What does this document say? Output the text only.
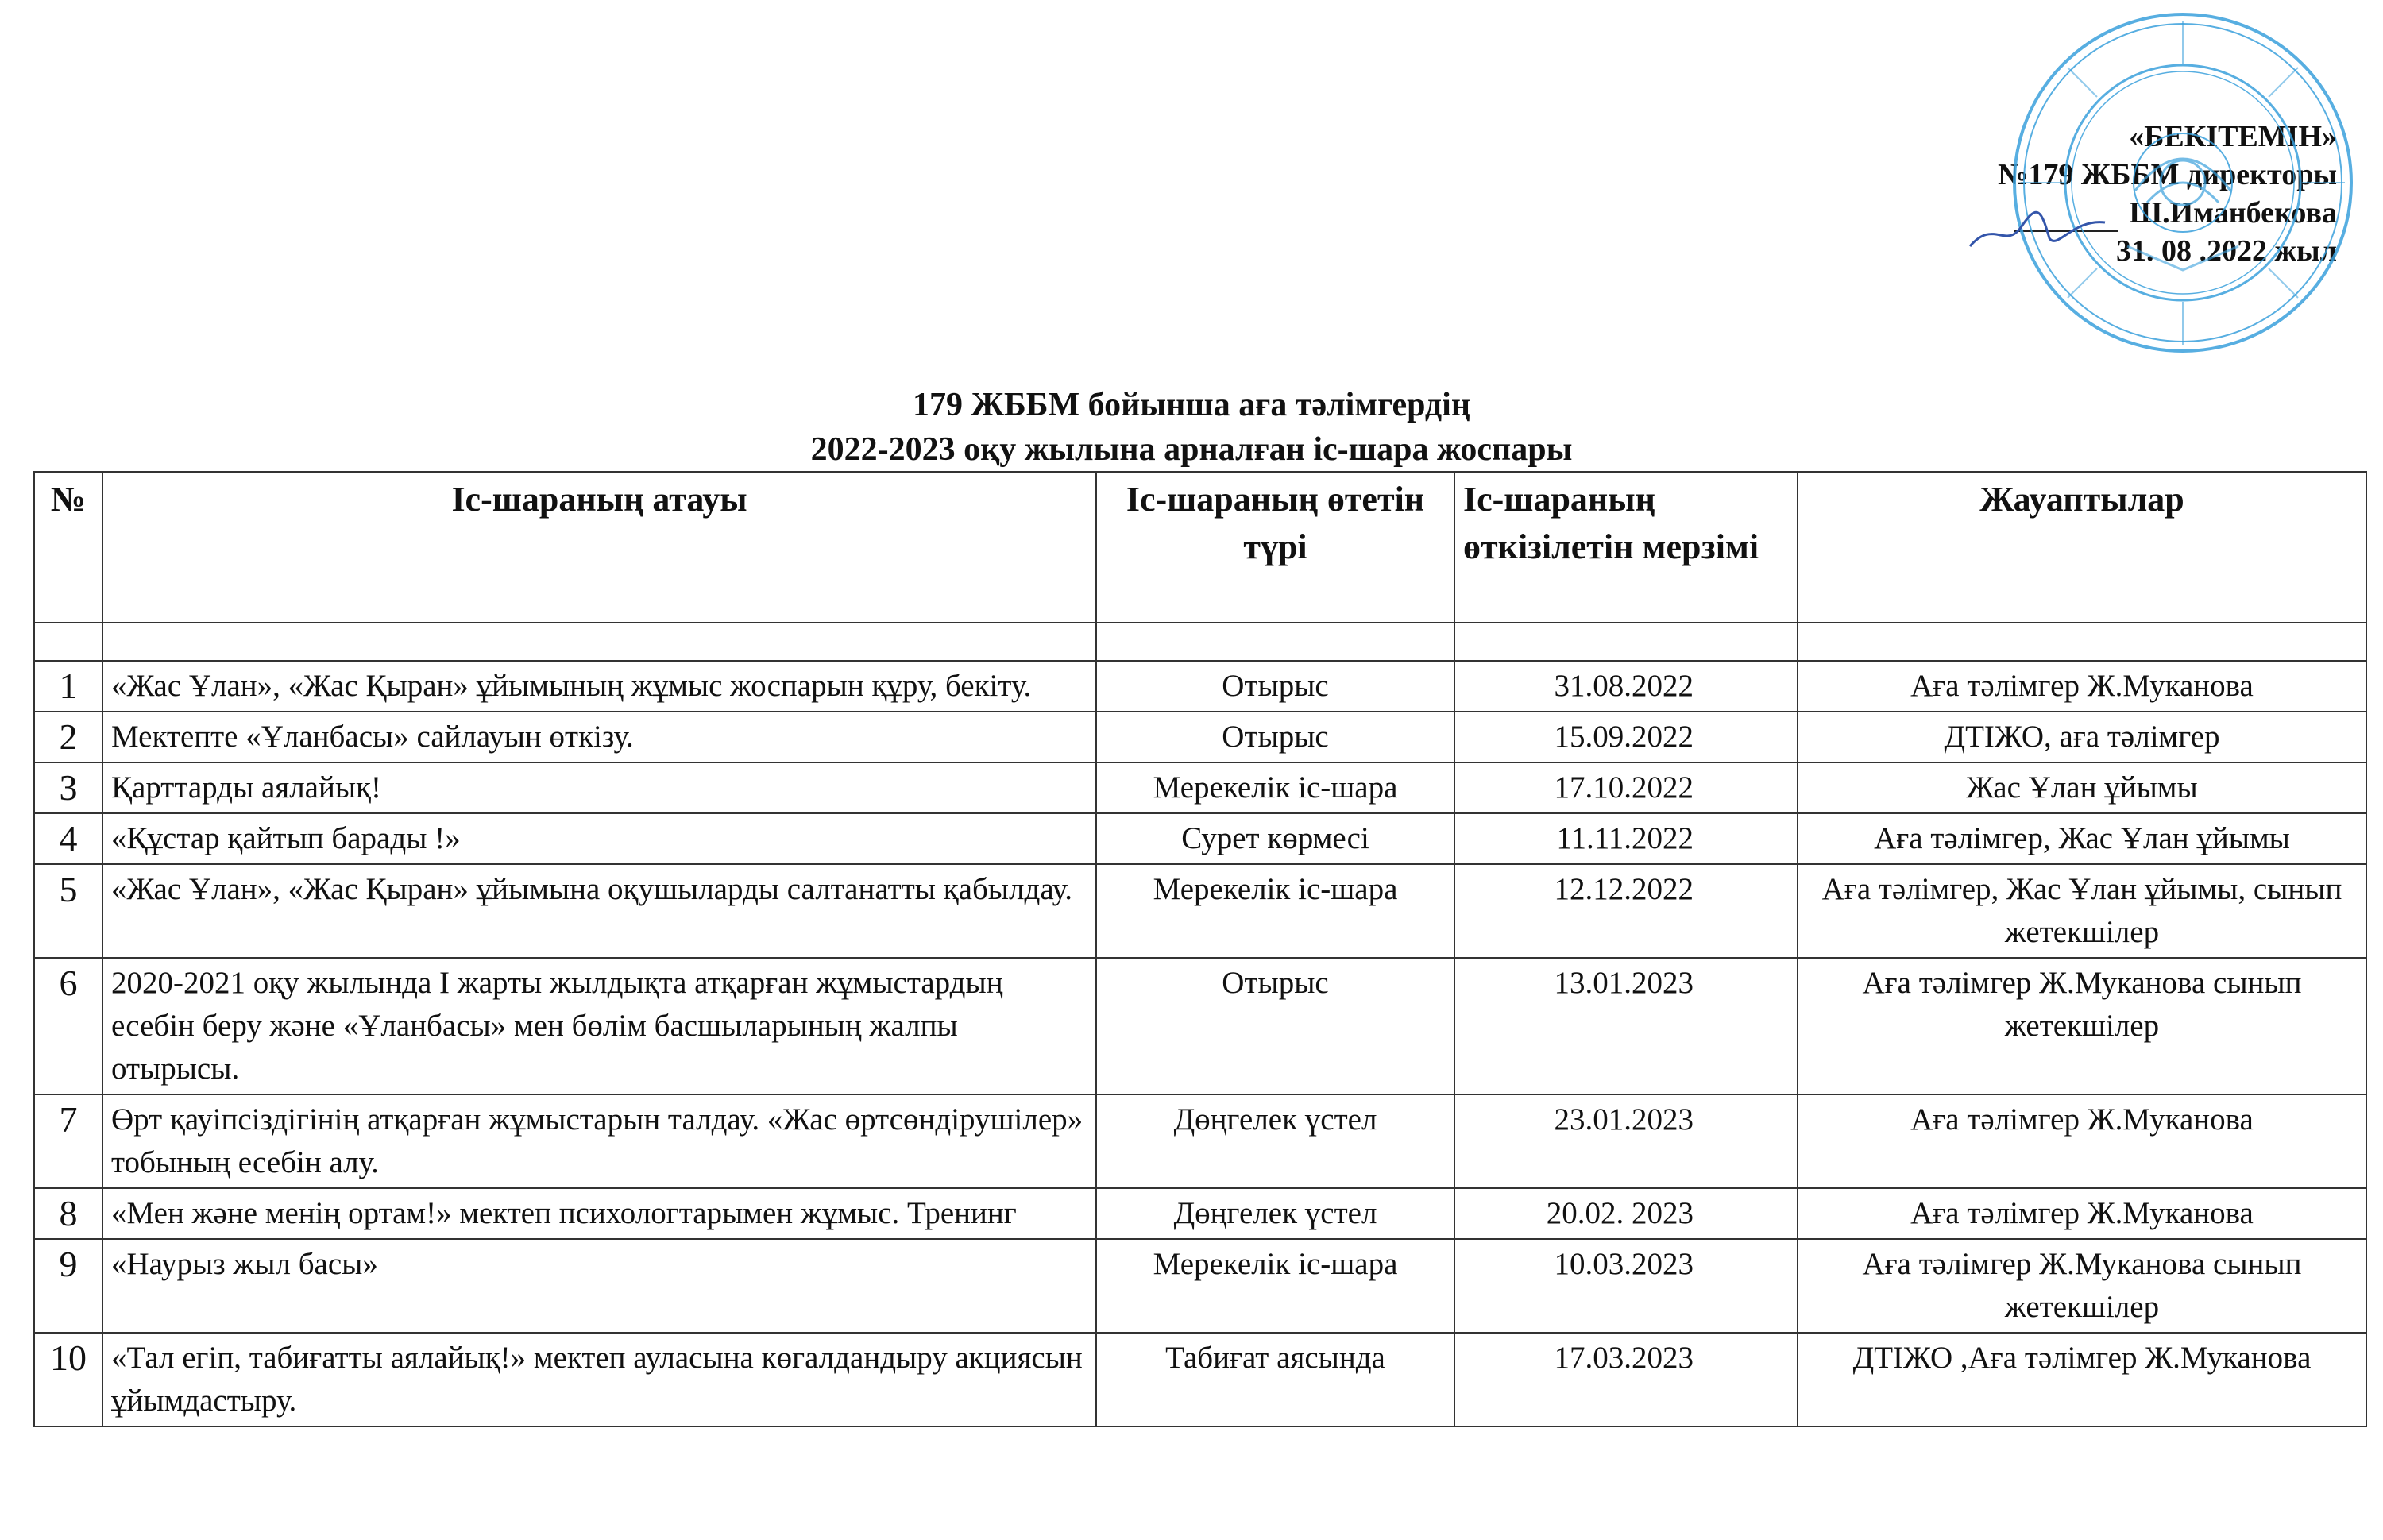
«БЕКІТЕМІН»
№179 ЖББМ директоры
Ш.Иманбекова
31. 08 .2022 жыл
179 ЖББМ бойынша аға тәлімгердің
2022-2023 оқу жылына арналған іс-шара жоспары
№	Іс-шараның атауы	Іс-шараның өтетін түрі	Іс-шараның өткізілетін мерзімі	Жауаптылар

1	«Жас Ұлан», «Жас Қыран» ұйымының жұмыс жоспарын құру, бекіту.	Отырыс	31.08.2022	Аға тәлімгер Ж.Муканова
2	Мектепте «Ұланбасы» сайлауын өткізу.	Отырыс	15.09.2022	ДТІЖО, аға тәлімгер
3	Қарттарды аялайық!	Мерекелік іс-шара	17.10.2022	Жас Ұлан ұйымы
4	«Құстар қайтып барады !»	Сурет көрмесі	11.11.2022	Аға тәлімгер, Жас Ұлан ұйымы
5	«Жас Ұлан», «Жас Қыран» ұйымына оқушыларды салтанатты қабылдау.	Мерекелік іс-шара	12.12.2022	Аға тәлімгер, Жас Ұлан ұйымы, сынып жетекшілер
6	2020-2021 оқу жылында І жарты жылдықта атқарған жұмыстардың есебін беру және «Ұланбасы» мен бөлім басшыларының жалпы отырысы.	Отырыс	13.01.2023	Аға тәлімгер Ж.Муканова сынып жетекшілер
7	Өрт қауіпсіздігінің атқарған жұмыстарын талдау. «Жас өртсөндірушілер» тобының есебін алу.	Дөңгелек үстел	23.01.2023	Аға тәлімгер Ж.Муканова
8	«Мен және менің ортам!» мектеп психологтарымен жұмыс. Тренинг	Дөңгелек үстел	20.02. 2023	Аға тәлімгер Ж.Муканова
9	«Наурыз жыл басы»	Мерекелік іс-шара	10.03.2023	Аға тәлімгер Ж.Муканова сынып жетекшілер
10	«Тал егіп, табиғатты аялайық!» мектеп ауласына көгалдандыру акциясын ұйымдастыру.	Табиғат аясында	17.03.2023	ДТІЖО ,Аға тәлімгер Ж.Муканова
